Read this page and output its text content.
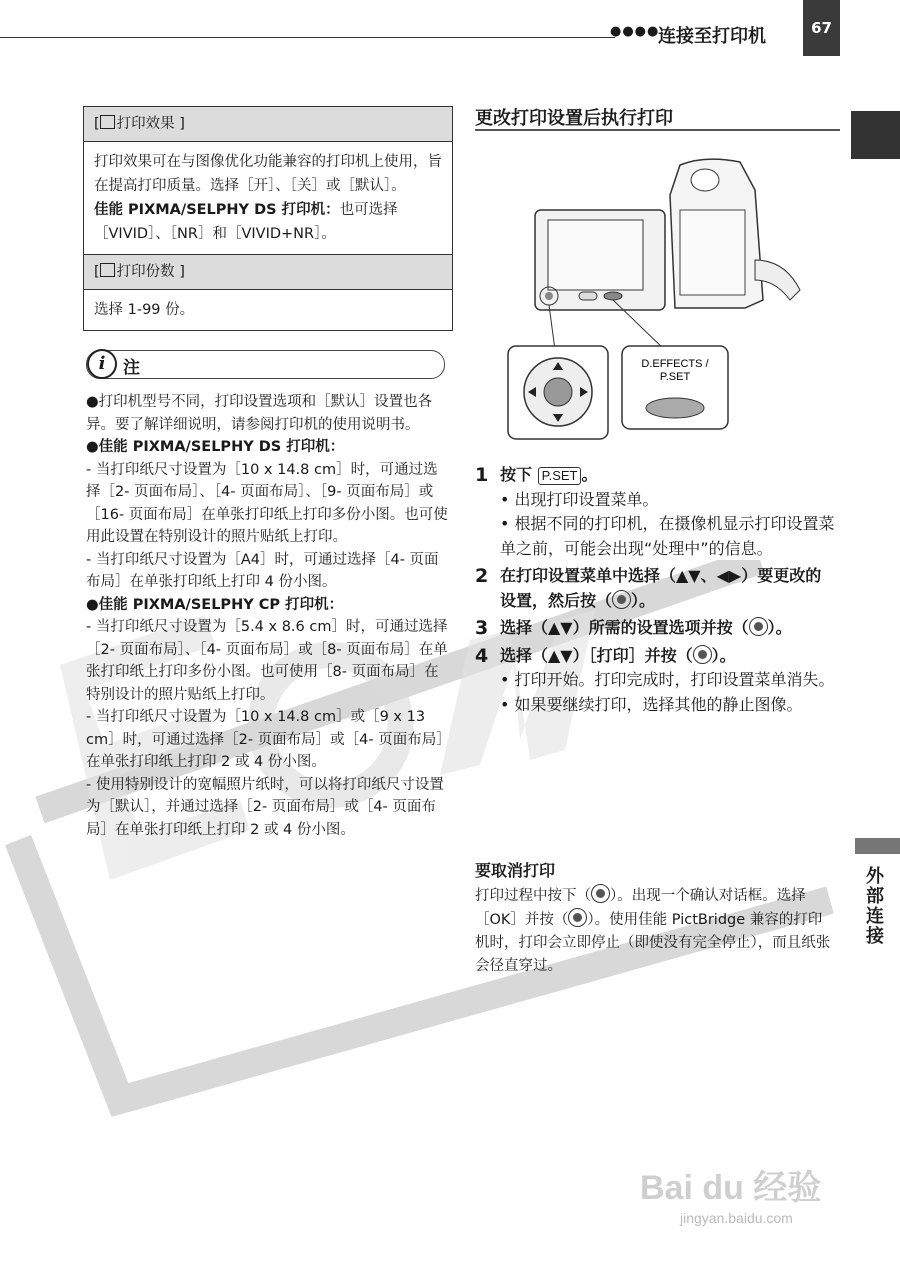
●●●●
连接至打印机	67
外部连接
[ 打印效果 ]
打印效果可在与图像优化功能兼容的打印机上使用，旨在提高打印质量。选择［开］、［关］或［默认］。
佳能 PIXMA/SELPHY DS 打印机：也可选择［VIVID］、［NR］和［VIVID+NR］。
[ 打印份数 ]
选择 1-99 份。
i	注

●打印机型号不同，打印设置选项和［默认］设置也各异。要了解详细说明，请参阅打印机的使用说明书。

●佳能 PIXMA/SELPHY DS 打印机：

- 当打印纸尺寸设置为［10 x 14.8 cm］时，可通过选择［2- 页面布局］、［4- 页面布局］、［9- 页面布局］或［16- 页面布局］在单张打印纸上打印多份小图。也可使用此设置在特别设计的照片贴纸上打印。

- 当打印纸尺寸设置为［A4］时，可通过选择［4- 页面布局］在单张打印纸上打印 4 份小图。

●佳能 PIXMA/SELPHY CP 打印机：

- 当打印纸尺寸设置为［5.4 x 8.6 cm］时，可通过选择［2- 页面布局］、［4- 页面布局］或［8- 页面布局］在单张打印纸上打印多份小图。也可使用［8- 页面布局］在特别设计的照片贴纸上打印。

- 当打印纸尺寸设置为［10 x 14.8 cm］或［9 x 13 cm］时，可通过选择［2- 页面布局］或［4- 页面布局］在单张打印纸上打印 2 或 4 份小图。

- 使用特别设计的宽幅照片纸时，可以将打印纸尺寸设置为［默认］，并通过选择［2- 页面布局］或［4- 页面布局］在单张打印纸上打印 2 或 4 份小图。

更改打印设置后执行打印
D.EFFECTS /
P.SET
1 按下 P.SET 。

• 出现打印设置菜单。

• 根据不同的打印机，在摄像机显示打印设置菜单之前，可能会出现“处理中”的信息。

2 在打印设置菜单中选择（▲▼、◀▶）要更改的设置，然后按（ ）。
3 选择（▲▼）所需的设置选项并按（ ）。
4 选择（▲▼）［打印］并按（ ）。

• 打印开始。打印完成时，打印设置菜单消失。

• 如果要继续打印，选择其他的静止图像。

要取消打印
打印过程中按下（ ）。出现一个确认对话框。选择［OK］并按（ ）。使用佳能 PictBridge 兼容的打印机时，打印会立即停止（即使没有完全停止），而且纸张会径直穿过。
Bai du 经验
jingyan.baidu.com
